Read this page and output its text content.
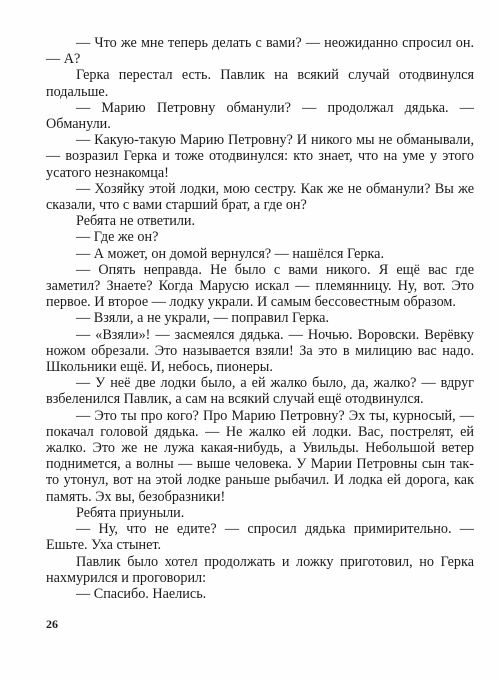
— Что же мне теперь делать с вами? — неожиданно спросил он. — А?

Герка перестал есть. Павлик на всякий случай отодвинулся подальше.

— Марию Петровну обманули? — продолжал дядька. — Обманули.

— Какую-такую Марию Петровну? И никого мы не обманывали, — возразил Герка и тоже отодвинулся: кто знает, что на уме у этого усатого незнакомца!

— Хозяйку этой лодки, мою сестру. Как же не обманули? Вы же сказали, что с вами старший брат, а где он?

Ребята не ответили.

— Где же он?

— А может, он домой вернулся? — нашёлся Герка.

— Опять неправда. Не было с вами никого. Я ещё вас где заметил? Знаете? Когда Марусю искал — племянницу. Ну, вот. Это первое. И второе — лодку украли. И самым бессовестным образом.

— Взяли, а не украли, — поправил Герка.

— «Взяли»! — засмеялся дядька. — Ночью. Воровски. Верёвку ножом обрезали. Это называется взяли! За это в милицию вас надо. Школьники ещё. И, небось, пионеры.

— У неё две лодки было, а ей жалко было, да, жалко? — вдруг взбеленился Павлик, а сам на всякий случай ещё отодвинулся.

— Это ты про кого? Про Марию Петровну? Эх ты, курносый, — покачал головой дядька. — Не жалко ей лодки. Вас, пострелят, ей жалко. Это же не лужа какая-нибудь, а Увильды. Небольшой ветер поднимется, а волны — выше человека. У Марии Петровны сын так-то утонул, вот на этой лодке раньше рыбачил. И лодка ей дорога, как память. Эх вы, безобразники!

Ребята приуныли.

— Ну, что не едите? — спросил дядька примирительно. — Ешьте. Уха стынет.

Павлик было хотел продолжать и ложку приготовил, но Герка нахмурился и проговорил:

— Спасибо. Наелись.

26
